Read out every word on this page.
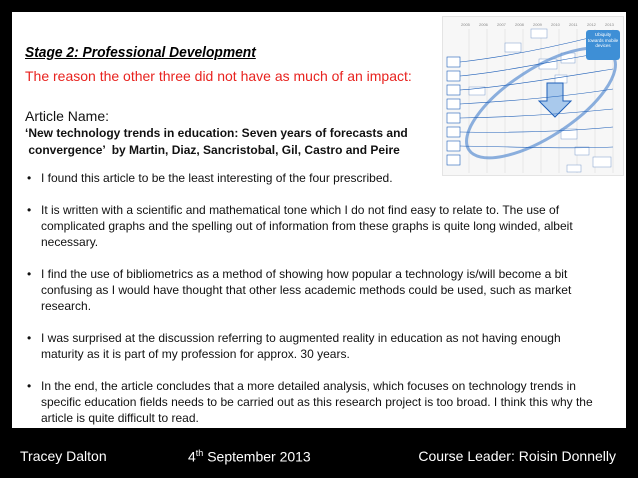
Stage 2: Professional Development
The reason the other three did not have as much of an impact:
Article Name:
‘New technology trends in education: Seven years of forecasts and
convergence’  by Martin, Diaz, Sancristobal, Gil, Castro and Peire
• I found this article to be the least interesting of the four prescribed.
• It is written with a scientific and mathematical tone which I do not find easy to relate to. The use of complicated graphs and the spelling out of information from these graphs is quite long winded, albeit necessary.
• I find the use of bibliometrics as a method of showing how popular a technology is/will become a bit confusing as I would have thought that other less academic methods could be used, such as market research.
• I was surprised at the discussion referring to augmented reality in education as not having enough maturity as it is part of my profession for approx. 30 years.
• In the end, the article concludes that a more detailed analysis, which focuses on technology trends in specific education fields needs to be carried out as this research project is too broad. I think this why the article is quite difficult to read.
2005 2006 2007 2008 2009 2010 2011 2012 2013
Ubiquity towards mobile devices
Tracey Dalton	4th September 2013	Course Leader: Roisin Donnelly
